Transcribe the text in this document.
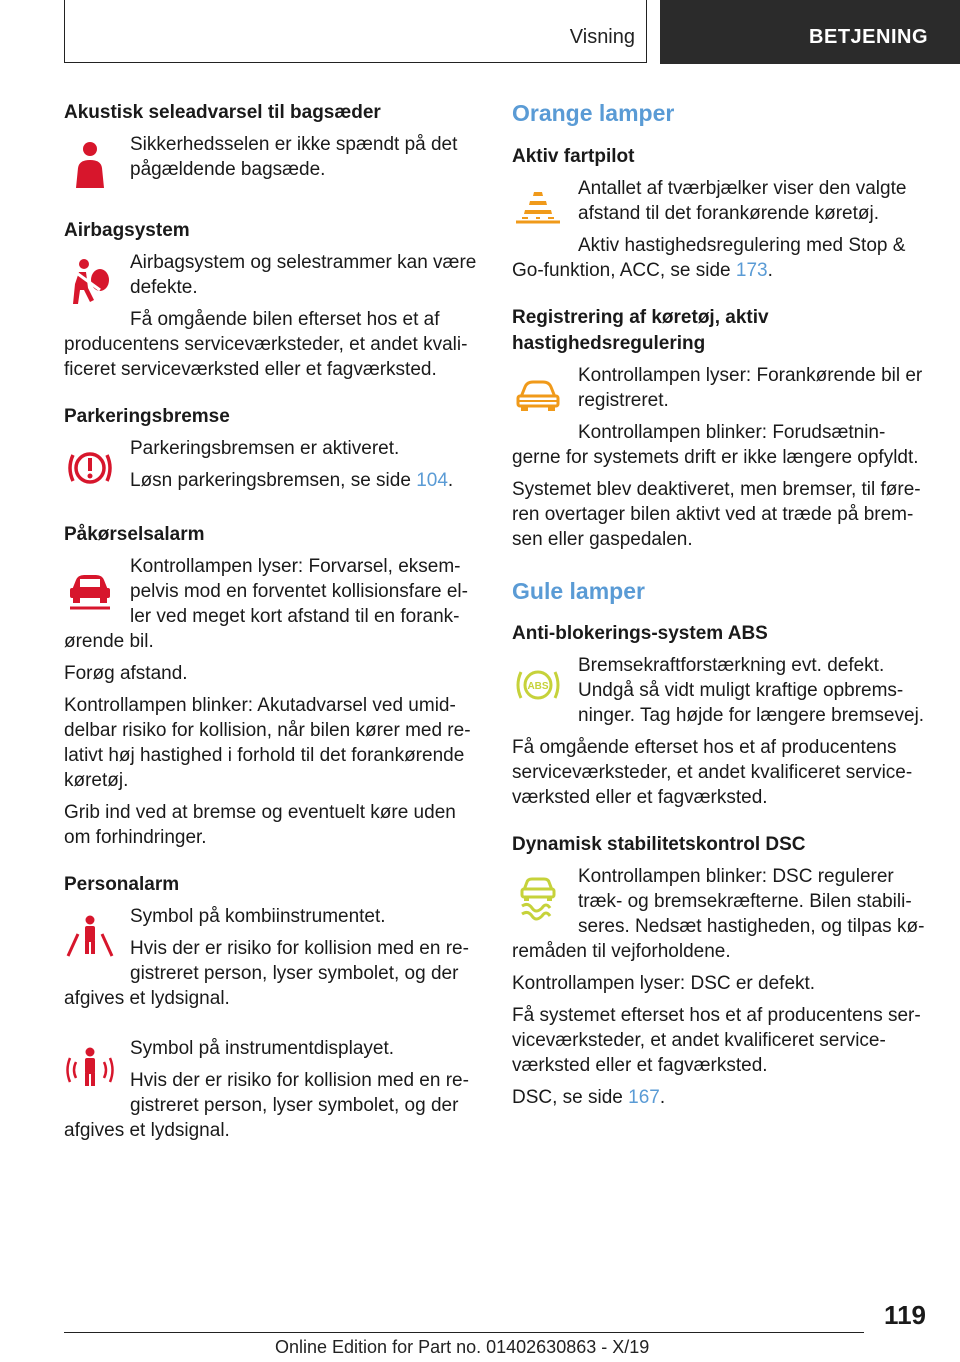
Visning	BETJENING
Akustisk seleadvarsel til bagsæder
Sikkerhedsselen er ikke spændt på det pågældende bagsæde.
Airbagsystem
Airbagsystem og selestrammer kan være defekte.
Få omgående bilen efterset hos et af producentens serviceværksteder, et andet kvali-ficeret serviceværksted eller et fagværksted.
Parkeringsbremse
Parkeringsbremsen er aktiveret.
Løsn parkeringsbremsen, se side 104.
Påkørselsalarm
Kontrollampen lyser: Forvarsel, eksem-pelvis mod en forventet kollisionsfare el-ler ved meget kort afstand til en forank-ørende bil.
Forøg afstand.
Kontrollampen blinker: Akutadvarsel ved umid-delbar risiko for kollision, når bilen kører med re-lativt høj hastighed i forhold til det forankørende køretøj.
Grib ind ved at bremse og eventuelt køre uden om forhindringer.
Personalarm
Symbol på kombiinstrumentet.
Hvis der er risiko for kollision med en re-gistreret person, lyser symbolet, og der afgives et lydsignal.
Symbol på instrumentdisplayet.
Hvis der er risiko for kollision med en re-gistreret person, lyser symbolet, og der afgives et lydsignal.
Orange lamper
Aktiv fartpilot
Antallet af tværbjælker viser den valgte afstand til det forankørende køretøj.
Aktiv hastighedsregulering med Stop & Go-funktion, ACC, se side 173.
Registrering af køretøj, aktiv hastighedsregulering
Kontrollampen lyser: Forankørende bil er registreret.
Kontrollampen blinker: Forudsætnin-gerne for systemets drift er ikke længere opfyldt.
Systemet blev deaktiveret, men bremser, til føre-ren overtager bilen aktivt ved at træde på brem-sen eller gaspedalen.
Gule lamper
Anti-blokerings-system ABS
ABS
Bremsekraftforstærkning evt. defekt. Undgå så vidt muligt kraftige opbrems-ninger. Tag højde for længere bremsevej.
Få omgående efterset hos et af producentens serviceværksteder, et andet kvalificeret service-værksted eller et fagværksted.
Dynamisk stabilitetskontrol DSC
Kontrollampen blinker: DSC regulerer træk- og bremsekræfterne. Bilen stabili-seres. Nedsæt hastigheden, og tilpas kø-remåden til vejforholdene.
Kontrollampen lyser: DSC er defekt.
Få systemet efterset hos et af producentens ser-viceværksteder, et andet kvalificeret service-værksted eller et fagværksted.
DSC, se side 167.
119
Online Edition for Part no. 01402630863 - X/19
